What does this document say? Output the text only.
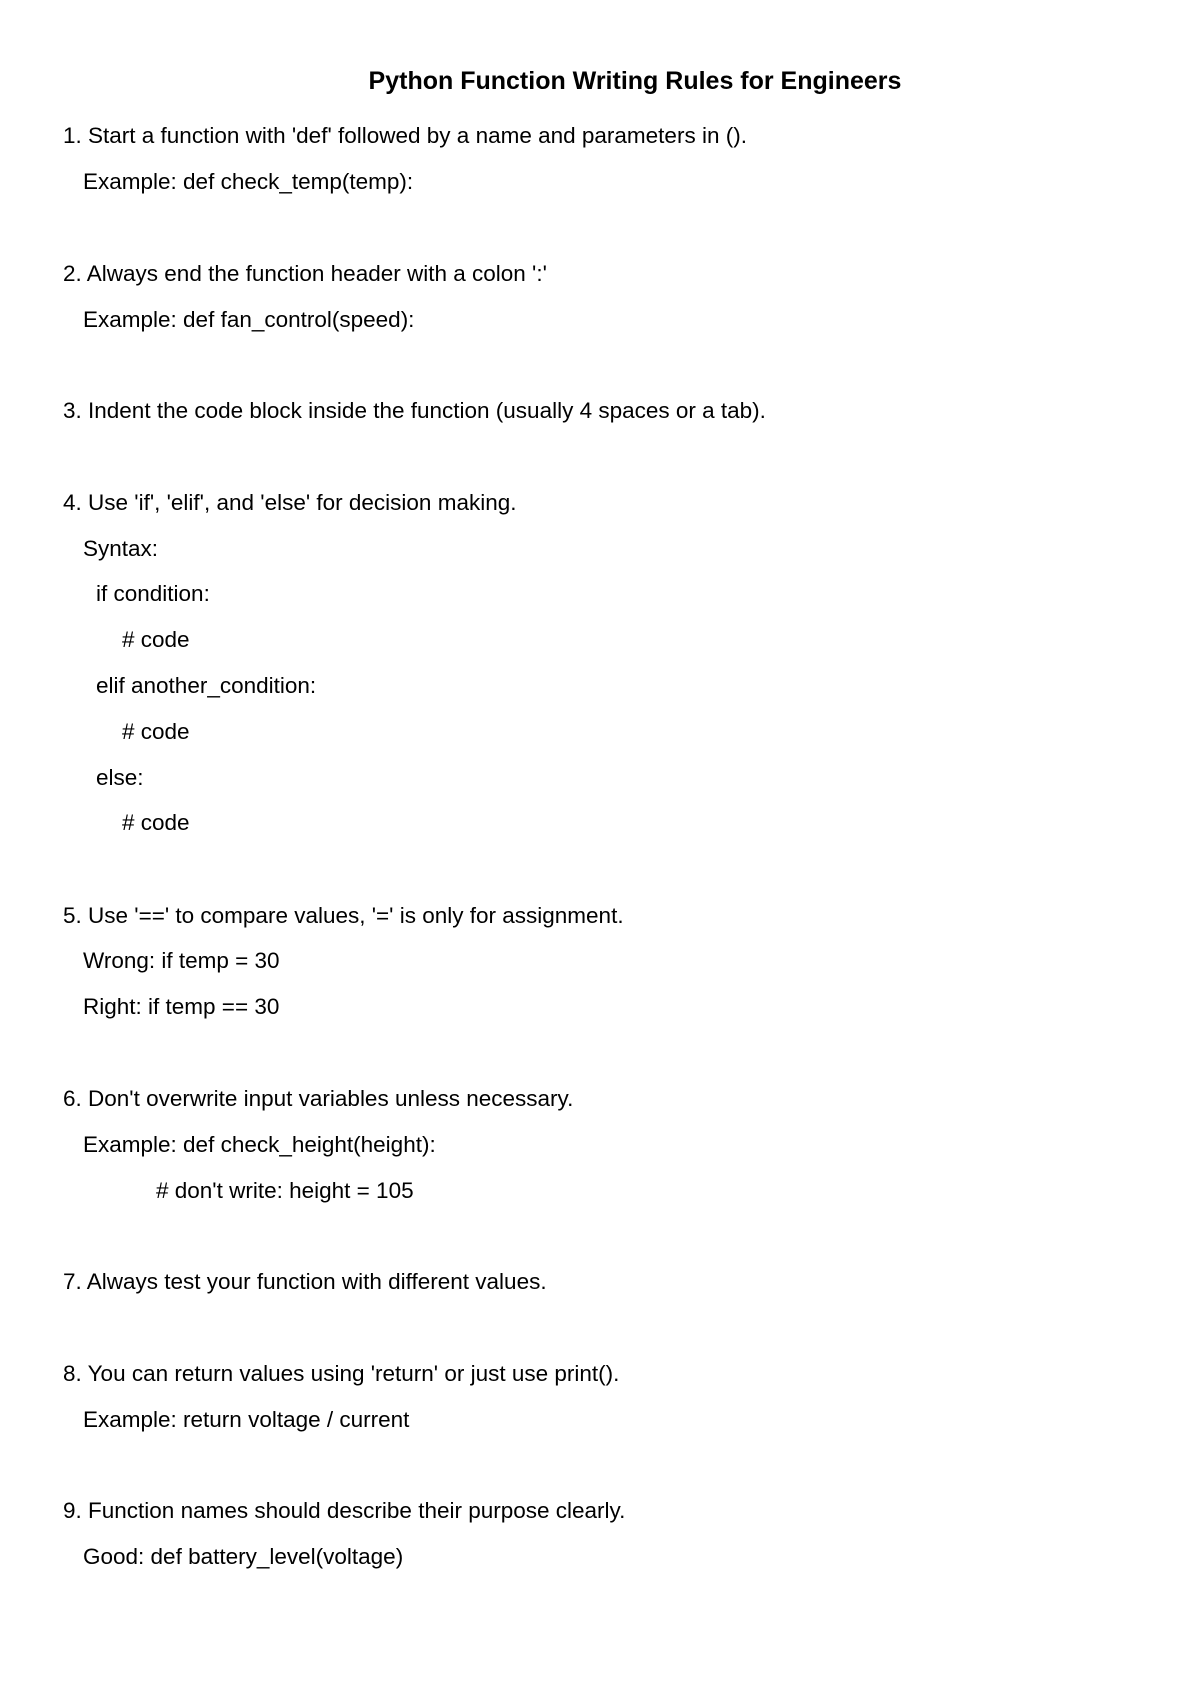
Python Function Writing Rules for Engineers

1. Start a function with 'def' followed by a name and parameters in ().

Example: def check_temp(temp):

2. Always end the function header with a colon ':'

Example: def fan_control(speed):

3. Indent the code block inside the function (usually 4 spaces or a tab).

4. Use 'if', 'elif', and 'else' for decision making.

Syntax:

if condition:

# code

elif another_condition:

# code

else:

# code

5. Use '==' to compare values, '=' is only for assignment.

Wrong: if temp = 30

Right: if temp == 30

6. Don't overwrite input variables unless necessary.

Example: def check_height(height):

# don't write: height = 105

7. Always test your function with different values.

8. You can return values using 'return' or just use print().

Example: return voltage / current

9. Function names should describe their purpose clearly.

Good: def battery_level(voltage)
